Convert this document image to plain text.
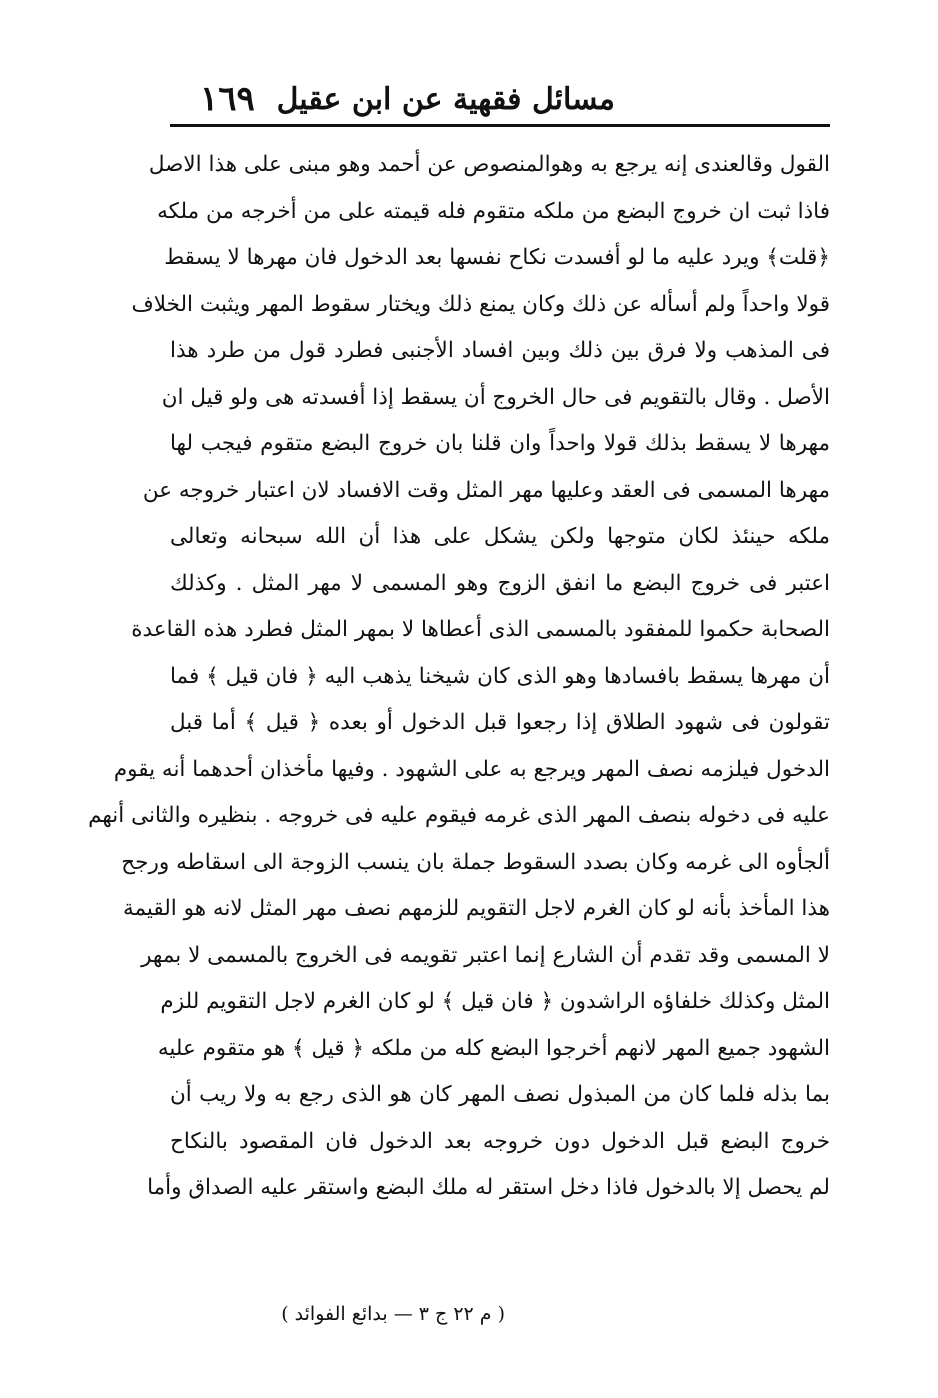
مسائل فقهية عن ابن عقيل
١٦٩
القول وقالعندى إنه يرجع به وهوالمنصوص عن أحمد وهو مبنى على هذا الاصل
فاذا ثبت ان خروج البضع من ملكه متقوم فله قيمته على من أخرجه من ملكه
﴿قلت﴾ ويرد عليه ما لو أفسدت نكاح نفسها بعد الدخول فان مهرها لا يسقط
قولا واحداً ولم أسأله عن ذلك وكان يمنع ذلك ويختار سقوط المهر ويثبت الخلاف
فى المذهب ولا فرق بين ذلك وبين افساد الأجنبى فطرد قول من طرد هذا
الأصل . وقال بالتقويم فى حال الخروج أن يسقط إذا أفسدته هى ولو قيل ان
مهرها لا يسقط بذلك قولا واحداً وان قلنا بان خروج البضع متقوم فيجب لها
مهرها المسمى فى العقد وعليها مهر المثل وقت الافساد لان اعتبار خروجه عن
ملكه حينئذ لكان متوجها ولكن يشكل على هذا أن الله سبحانه وتعالى
اعتبر فى خروج البضع ما انفق الزوج وهو المسمى لا مهر المثل . وكذلك
الصحابة حكموا للمفقود بالمسمى الذى أعطاها لا بمهر المثل فطرد هذه القاعدة
أن مهرها يسقط بافسادها وهو الذى كان شيخنا يذهب اليه ﴿ فان قيل ﴾ فما
تقولون فى شهود الطلاق إذا رجعوا قبل الدخول أو بعده ﴿ قيل ﴾ أما قبل
الدخول فيلزمه نصف المهر ويرجع به على الشهود . وفيها مأخذان أحدهما أنه يقوم
عليه فى دخوله بنصف المهر الذى غرمه فيقوم عليه فى خروجه . بنظيره والثانى أنهم
ألجأوه الى غرمه وكان بصدد السقوط جملة بان ينسب الزوجة الى اسقاطه ورجح
هذا المأخذ بأنه لو كان الغرم لاجل التقويم للزمهم نصف مهر المثل لانه هو القيمة
لا المسمى وقد تقدم أن الشارع إنما اعتبر تقويمه فى الخروج بالمسمى لا بمهر
المثل وكذلك خلفاؤه الراشدون ﴿ فان قيل ﴾ لو كان الغرم لاجل التقويم للزم
الشهود جميع المهر لانهم أخرجوا البضع كله من ملكه ﴿ قيل ﴾ هو متقوم عليه
بما بذله فلما كان من المبذول نصف المهر كان هو الذى رجع به ولا ريب أن
خروج البضع قبل الدخول دون خروجه بعد الدخول فان المقصود بالنكاح
لم يحصل إلا بالدخول فاذا دخل استقر له ملك البضع واستقر عليه الصداق وأما
( م ٢٢ ج ٣ — بدائع الفوائد )
